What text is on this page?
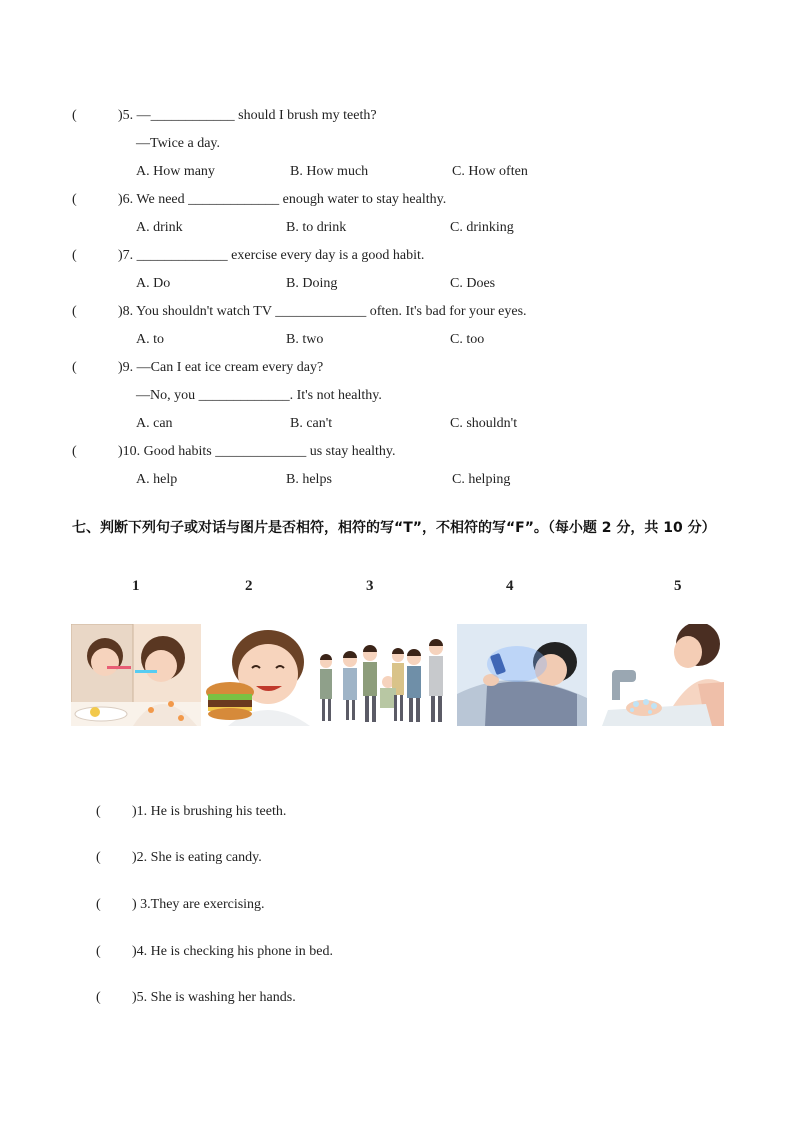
(	)5. —____________ should I brush my teeth?
—Twice a day.
A. How many	B. How much	C. How often
(	)6. We need _____________ enough water to stay healthy.
A. drink	B. to drink	C. drinking
(	)7. _____________ exercise every day is a good habit.
A. Do	B. Doing	C. Does
(	)8. You shouldn't watch TV _____________ often. It's bad for your eyes.
A. to	B. two	C. too
(	)9. —Can I eat ice cream every day?
—No, you _____________. It's not healthy.
A. can	B. can't	C. shouldn't
(	)10. Good habits _____________ us stay healthy.
A. help	B. helps	C. helping
七、判断下列句子或对话与图片是否相符，相符的写“T”，不相符的写“F”。（每小题 2 分，共 10 分）
1	2	3	4	5
( )1. He is brushing his teeth.
( )2. She is eating candy.
( ) 3.They are exercising.
( )4. He is checking his phone in bed.
( )5. She is washing her hands.
